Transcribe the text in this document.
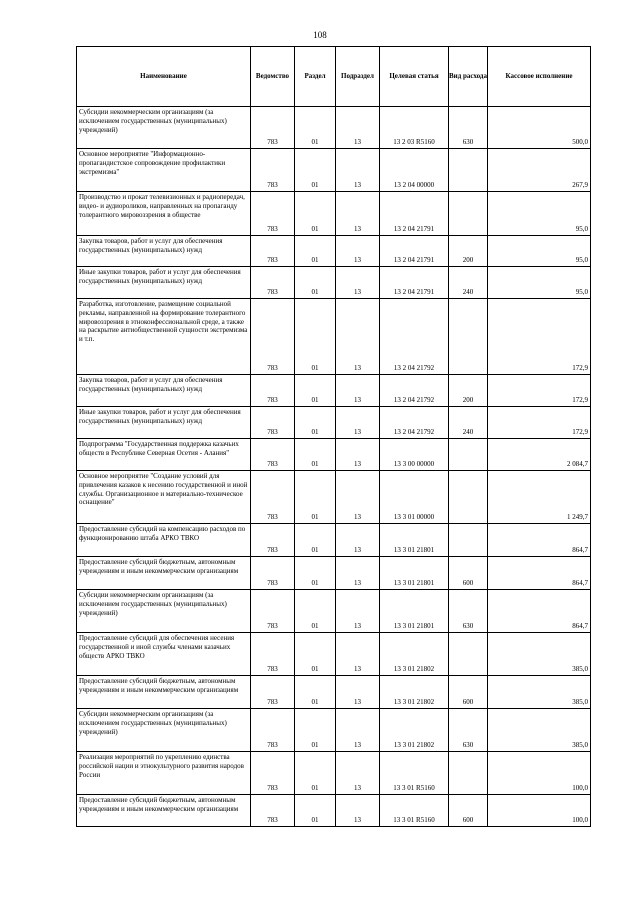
108
Наименование	Ведомство	Раздел	Подраздел	Целевая статья	Вид расхода	Кассовое исполнение
Субсидии некоммерческим организациям (за исключением государственных (муниципальных) учреждений)	783	01	13	13 2 03 R5160	630	500,0
Основное мероприятие "Информационно-пропагандистское сопровождение профилактики экстремизма"	783	01	13	13 2 04 00000		267,9
Производство и прокат телевизионных и радиопередач, видео- и аудиороликов, направленных на пропаганду толерантного мировоззрения в обществе	783	01	13	13 2 04 21791		95,0
Закупка товаров, работ и услуг для обеспечения государственных (муниципальных) нужд	783	01	13	13 2 04 21791	200	95,0
Иные закупки товаров, работ и услуг для обеспечения государственных (муниципальных) нужд	783	01	13	13 2 04 21791	240	95,0
Разработка, изготовление, размещение социальной рекламы, направленной на формирование толерантного мировоззрения в этноконфессиональной среде, а также на раскрытие антиобщественной сущности экстремизма и т.п.	783	01	13	13 2 04 21792		172,9
Закупка товаров, работ и услуг для обеспечения государственных (муниципальных) нужд	783	01	13	13 2 04 21792	200	172,9
Иные закупки товаров, работ и услуг для обеспечения государственных (муниципальных) нужд	783	01	13	13 2 04 21792	240	172,9
Подпрограмма "Государственная поддержка казачьих обществ в Республике Северная Осетия - Алания"	783	01	13	13 3 00 00000		2 084,7
Основное мероприятие "Создание условий для привлечения казаков к несению государственной и иной службы. Организационное и материально-техническое оснащение"	783	01	13	13 3 01 00000		1 249,7
Предоставление субсидий на компенсацию расходов по функционированию штаба АРКО ТВКО	783	01	13	13 3 01 21801		864,7
Предоставление субсидий бюджетным, автономным учреждениям и иным некоммерческим организациям	783	01	13	13 3 01 21801	600	864,7
Субсидии некоммерческим организациям (за исключением государственных (муниципальных) учреждений)	783	01	13	13 3 01 21801	630	864,7
Предоставление субсидий для обеспечения несения государственной и иной службы членами казачьих обществ АРКО ТВКО	783	01	13	13 3 01 21802		385,0
Предоставление субсидий бюджетным, автономным учреждениям и иным некоммерческим организациям	783	01	13	13 3 01 21802	600	385,0
Субсидии некоммерческим организациям (за исключением государственных (муниципальных) учреждений)	783	01	13	13 3 01 21802	630	385,0
Реализация мероприятий по укреплению единства российской нации и этнокультурного развития народов России	783	01	13	13 3 01 R5160		100,0
Предоставление субсидий бюджетным, автономным учреждениям и иным некоммерческим организациям	783	01	13	13 3 01 R5160	600	100,0
